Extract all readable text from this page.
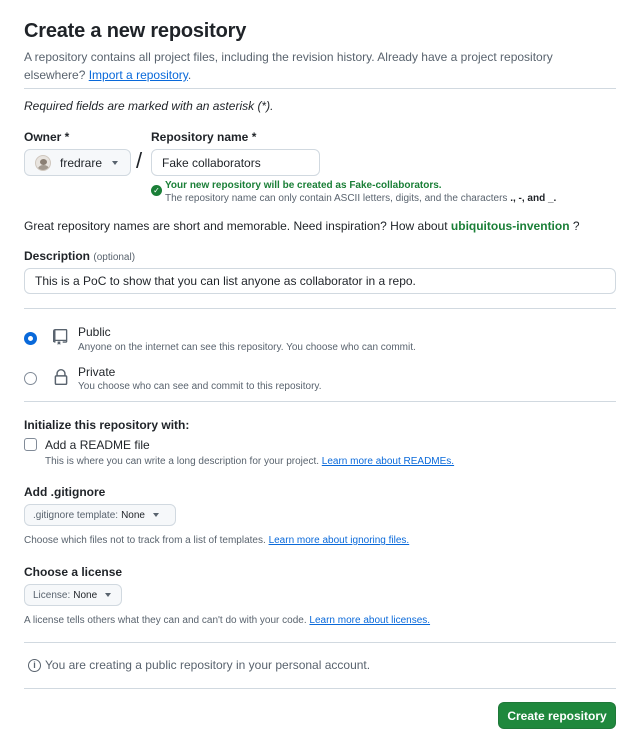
Create a new repository
A repository contains all project files, including the revision history. Already have a project repository elsewhere? Import a repository.
Required fields are marked with an asterisk (*).
Owner *
fredrare /
Repository name *
Fake collaborators
✓ Your new repository will be created as Fake-collaborators.
The repository name can only contain ASCII letters, digits, and the characters ., -, and _.
Great repository names are short and memorable. Need inspiration? How about ubiquitous-invention ?
Description (optional)
This is a PoC to show that you can list anyone as collaborator in a repo.
Public
Anyone on the internet can see this repository. You choose who can commit.
Private
You choose who can see and commit to this repository.
Initialize this repository with:
Add a README file
This is where you can write a long description for your project. Learn more about READMEs.
Add .gitignore
.gitignore template: None
Choose which files not to track from a list of templates. Learn more about ignoring files.
Choose a license
License: None
A license tells others what they can and can't do with your code. Learn more about licenses.
i You are creating a public repository in your personal account.
Create repository
